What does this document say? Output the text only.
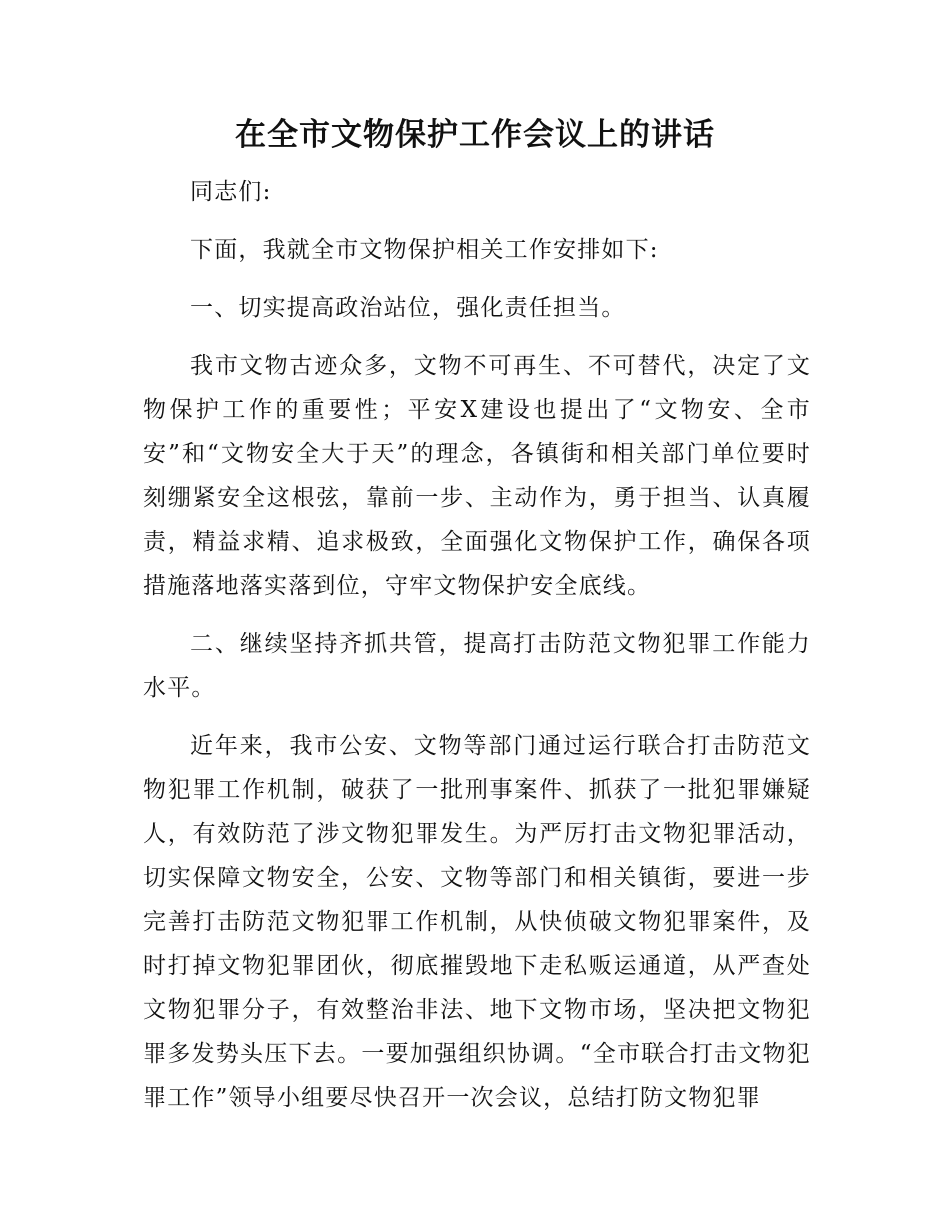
在全市文物保护工作会议上的讲话

同志们:

下面，我就全市文物保护相关工作安排如下:

一、切实提高政治站位，强化责任担当。

我市文物古迹众多，文物不可再生、不可替代，决定了文物保护工作的重要性；平安X建设也提出了“文物安、全市安”和“文物安全大于天”的理念，各镇街和相关部门单位要时刻绷紧安全这根弦，靠前一步、主动作为，勇于担当、认真履责，精益求精、追求极致，全面强化文物保护工作，确保各项措施落地落实落到位，守牢文物保护安全底线。

二、继续坚持齐抓共管，提高打击防范文物犯罪工作能力水平。

近年来，我市公安、文物等部门通过运行联合打击防范文物犯罪工作机制，破获了一批刑事案件、抓获了一批犯罪嫌疑人，有效防范了涉文物犯罪发生。为严厉打击文物犯罪活动，切实保障文物安全，公安、文物等部门和相关镇街，要进一步完善打击防范文物犯罪工作机制，从快侦破文物犯罪案件，及时打掉文物犯罪团伙，彻底摧毁地下走私贩运通道，从严查处文物犯罪分子，有效整治非法、地下文物市场，坚决把文物犯罪多发势头压下去。一要加强组织协调。“全市联合打击文物犯罪工作”领导小组要尽快召开一次会议，总结打防文物犯罪
